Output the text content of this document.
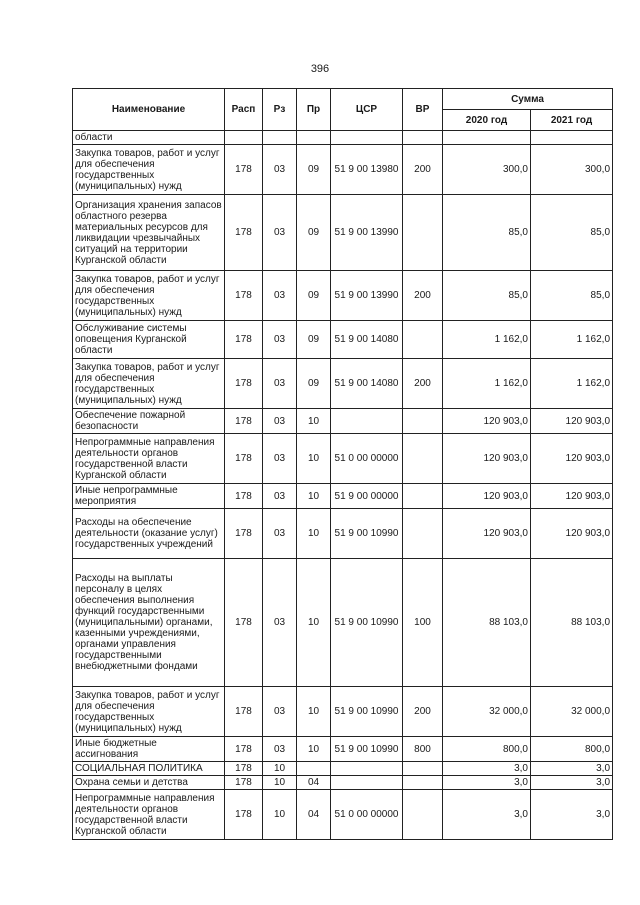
396
Наименование	Расп	Рз	Пр	ЦСР	ВР	Сумма	
						2020 год	2021 год
области							
Закупка товаров, работ и услуг для обеспечения государственных (муниципальных) нужд	178	03	09	51 9 00 13980	200	300,0	300,0
Организация хранения запасов областного резерва материальных ресурсов для ликвидации чрезвычайных ситуаций на территории Курганской области	178	03	09	51 9 00 13990		85,0	85,0
Закупка товаров, работ и услуг для обеспечения государственных (муниципальных) нужд	178	03	09	51 9 00 13990	200	85,0	85,0
Обслуживание системы оповещения Курганской области	178	03	09	51 9 00 14080		1 162,0	1 162,0
Закупка товаров, работ и услуг для обеспечения государственных (муниципальных) нужд	178	03	09	51 9 00 14080	200	1 162,0	1 162,0
Обеспечение пожарной безопасности	178	03	10			120 903,0	120 903,0
Непрограммные направления деятельности органов государственной власти Курганской области	178	03	10	51 0 00 00000		120 903,0	120 903,0
Иные непрограммные мероприятия	178	03	10	51 9 00 00000		120 903,0	120 903,0
Расходы на обеспечение деятельности (оказание услуг) государственных учреждений	178	03	10	51 9 00 10990		120 903,0	120 903,0
Расходы на выплаты персоналу в целях обеспечения выполнения функций государственными (муниципальными) органами, казенными учреждениями, органами управления государственными внебюджетными фондами	178	03	10	51 9 00 10990	100	88 103,0	88 103,0
Закупка товаров, работ и услуг для обеспечения государственных (муниципальных) нужд	178	03	10	51 9 00 10990	200	32 000,0	32 000,0
Иные бюджетные ассигнования	178	03	10	51 9 00 10990	800	800,0	800,0
СОЦИАЛЬНАЯ ПОЛИТИКА	178	10				3,0	3,0
Охрана семьи и детства	178	10	04			3,0	3,0
Непрограммные направления деятельности органов государственной власти Курганской области	178	10	04	51 0 00 00000		3,0	3,0
